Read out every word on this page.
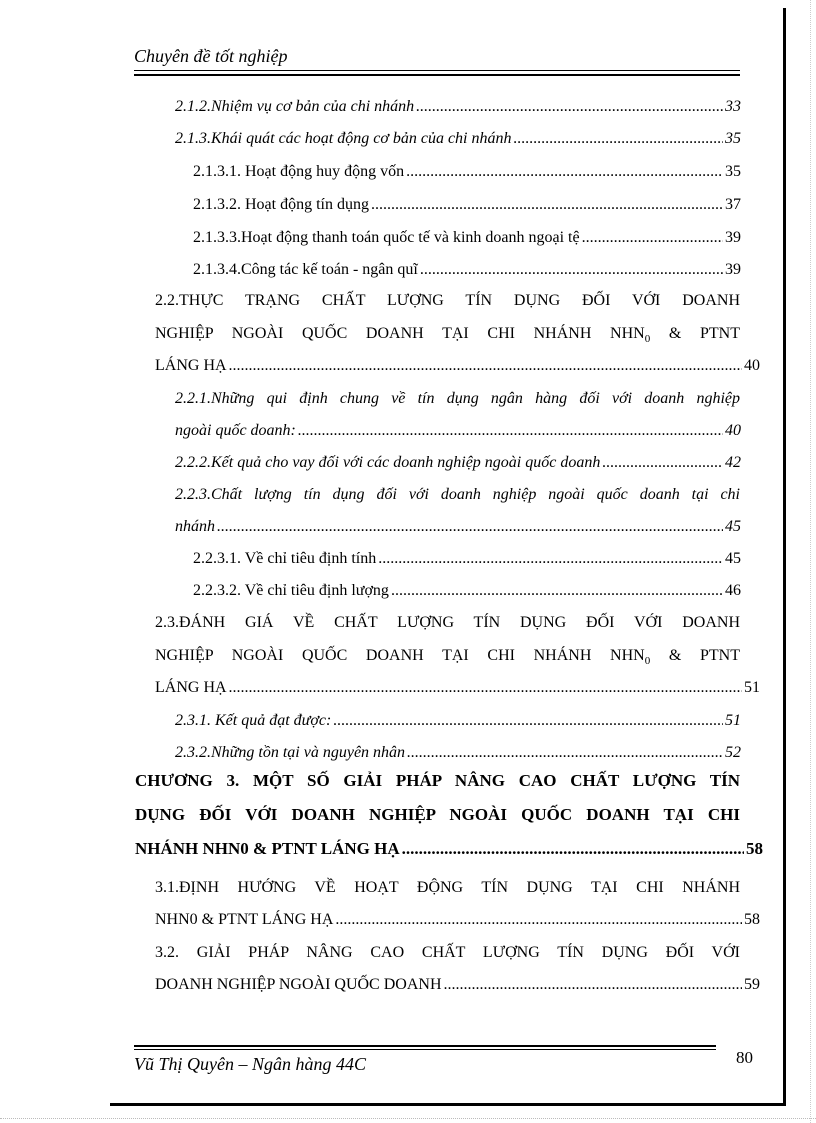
Chuyên đề tốt nghiệp
2.1.2.Nhiệm vụ cơ bản của chi nhánh .....	33
2.1.3.Khái quát các hoạt động cơ bản của chi nhánh .....	35
2.1.3.1. Hoạt động huy động vốn .....	35
2.1.3.2. Hoạt động tín dụng .....	37
2.1.3.3.Hoạt động thanh toán quốc tế và kinh doanh ngoại tệ .....	39
2.1.3.4.Công tác kế toán - ngân quĩ .....	39
2.2.THỰC TRẠNG CHẤT LƯỢNG TÍN DỤNG ĐỐI VỚI DOANH
NGHIỆP NGOÀI QUỐC DOANH TẠI CHI NHÁNH $NHN_0$ & PTNT
LÁNG HẠ .....	40
2.2.1.Những qui định chung về tín dụng ngân hàng đối với doanh nghiệp
ngoài quốc doanh: .....	40
2.2.2.Kết quả cho vay đối với các doanh nghiệp ngoài quốc doanh .....	42
2.2.3.Chất lượng tín dụng đối với doanh nghiệp ngoài quốc doanh tại chi
nhánh .....	45
2.2.3.1. Về chỉ tiêu định tính .....	45
2.2.3.2. Về chỉ tiêu định lượng .....	46
2.3.ĐÁNH GIÁ VỀ CHẤT LƯỢNG TÍN DỤNG ĐỐI VỚI DOANH
NGHIỆP NGOÀI QUỐC DOANH TẠI CHI NHÁNH $NHN_0$ & PTNT
LÁNG HẠ .....	51
2.3.1. Kết quả đạt được: .....	51
2.3.2.Những tồn tại và nguyên nhân .....	52
CHƯƠNG 3. MỘT SỐ GIẢI PHÁP NÂNG CAO CHẤT LƯỢNG TÍN
DỤNG ĐỐI VỚI DOANH NGHIỆP NGOÀI QUỐC DOANH TẠI CHI
NHÁNH NHN0 & PTNT LÁNG HẠ .....	58
3.1.ĐỊNH HƯỚNG VỀ HOẠT ĐỘNG TÍN DỤNG TẠI CHI NHÁNH
NHN0 & PTNT LÁNG HẠ .....	58
3.2. GIẢI PHÁP NÂNG CAO CHẤT LƯỢNG TÍN DỤNG ĐỐI VỚI
DOANH NGHIỆP NGOÀI QUỐC DOANH .....	59
Vũ Thị Quyên – Ngân hàng 44C	80
